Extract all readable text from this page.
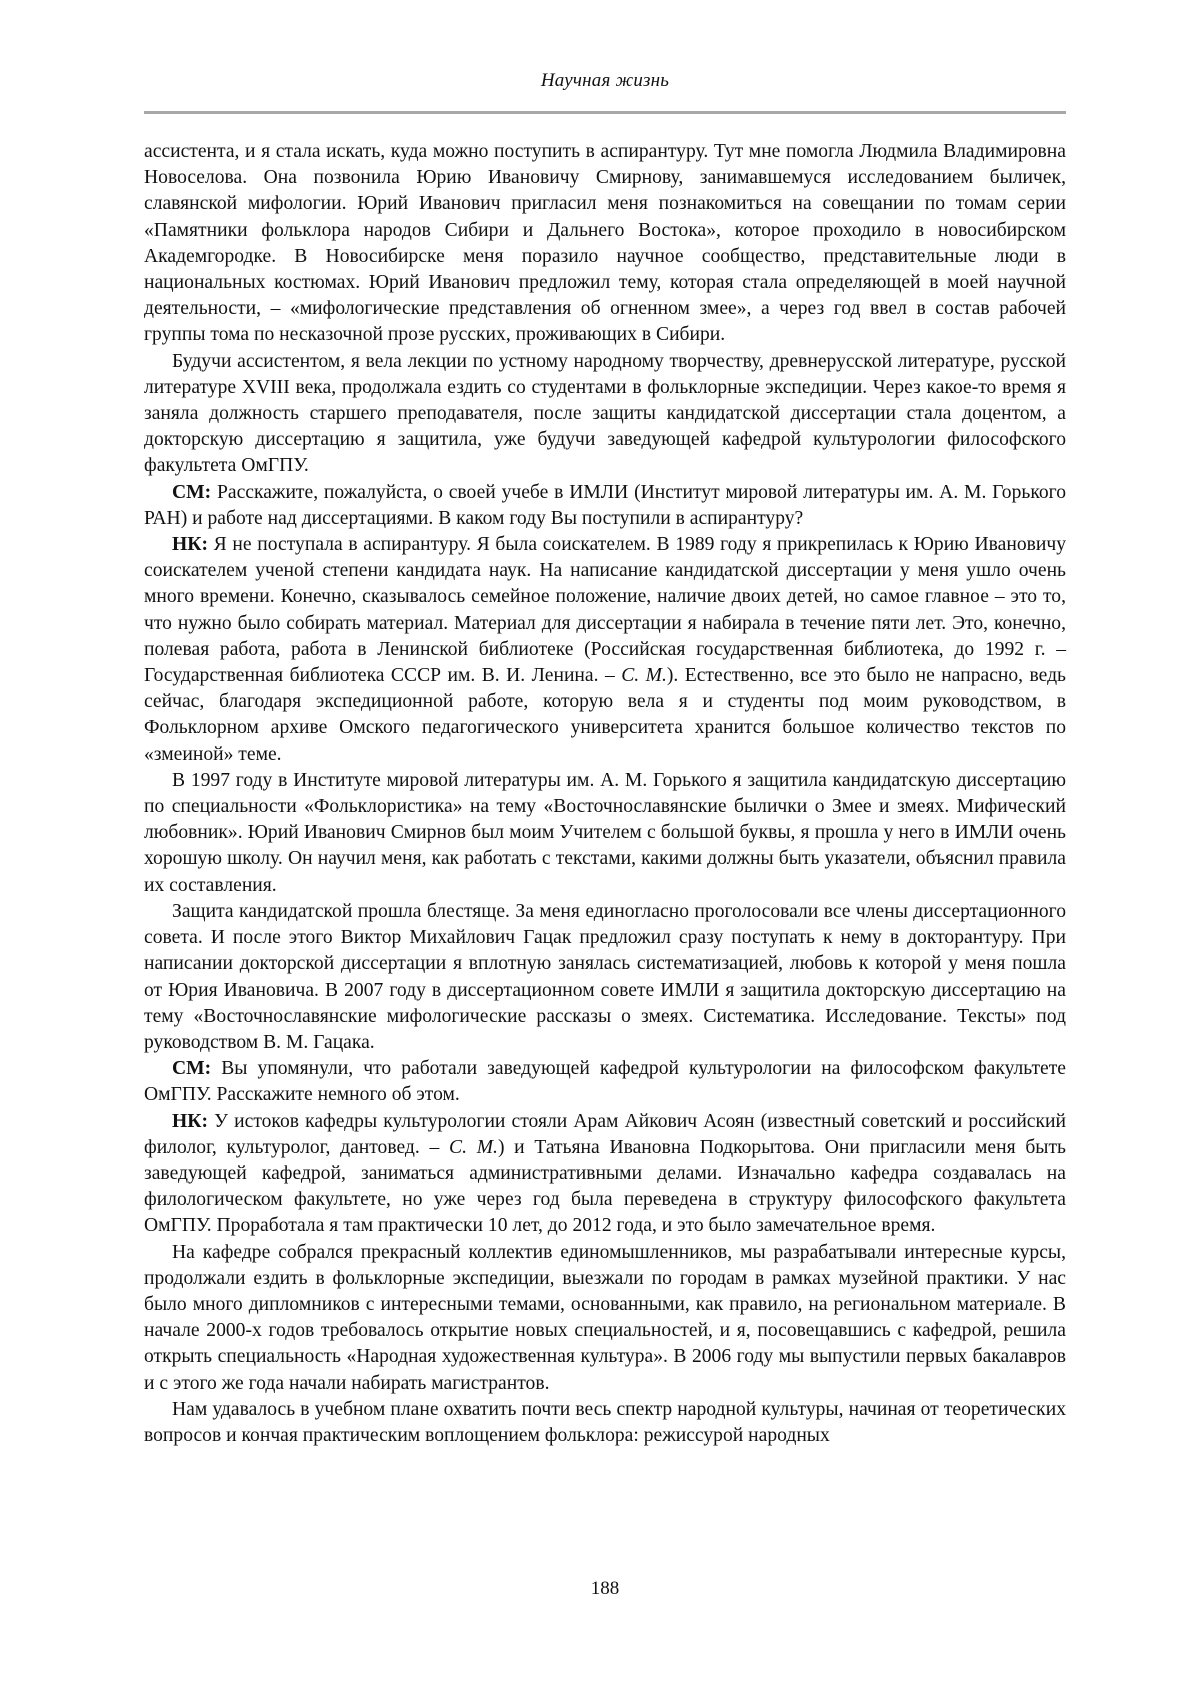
Научная жизнь

ассистента, и я стала искать, куда можно поступить в аспирантуру. Тут мне помогла Людмила Владимировна Новоселова. Она позвонила Юрию Ивановичу Смирнову, занимавшемуся исследованием быличек, славянской мифологии. Юрий Иванович пригласил меня познакомиться на совещании по томам серии «Памятники фольклора народов Сибири и Дальнего Востока», которое проходило в новосибирском Академгородке. В Новосибирске меня поразило научное сообщество, представительные люди в национальных костюмах. Юрий Иванович предложил тему, которая стала определяющей в моей научной деятельности, – «мифологические представления об огненном змее», а через год ввел в состав рабочей группы тома по несказочной прозе русских, проживающих в Сибири.

Будучи ассистентом, я вела лекции по устному народному творчеству, древнерусской литературе, русской литературе XVIII века, продолжала ездить со студентами в фольклорные экспедиции. Через какое-то время я заняла должность старшего преподавателя, после защиты кандидатской диссертации стала доцентом, а докторскую диссертацию я защитила, уже будучи заведующей кафедрой культурологии философского факультета ОмГПУ.

СМ: Расскажите, пожалуйста, о своей учебе в ИМЛИ (Институт мировой литературы им. А. М. Горького РАН) и работе над диссертациями. В каком году Вы поступили в аспирантуру?

НК: Я не поступала в аспирантуру. Я была соискателем. В 1989 году я прикрепилась к Юрию Ивановичу соискателем ученой степени кандидата наук. На написание кандидатской диссертации у меня ушло очень много времени. Конечно, сказывалось семейное положение, наличие двоих детей, но самое главное – это то, что нужно было собирать материал. Материал для диссертации я набирала в течение пяти лет. Это, конечно, полевая работа, работа в Ленинской библиотеке (Российская государственная библиотека, до 1992 г. – Государственная библиотека СССР им. В. И. Ленина. – С. М.). Естественно, все это было не напрасно, ведь сейчас, благодаря экспедиционной работе, которую вела я и студенты под моим руководством, в Фольклорном архиве Омского педагогического университета хранится большое количество текстов по «змеиной» теме.

В 1997 году в Институте мировой литературы им. А. М. Горького я защитила кандидатскую диссертацию по специальности «Фольклористика» на тему «Восточнославянские былички о Змее и змеях. Мифический любовник». Юрий Иванович Смирнов был моим Учителем с большой буквы, я прошла у него в ИМЛИ очень хорошую школу. Он научил меня, как работать с текстами, какими должны быть указатели, объяснил правила их составления.

Защита кандидатской прошла блестяще. За меня единогласно проголосовали все члены диссертационного совета. И после этого Виктор Михайлович Гацак предложил сразу поступать к нему в докторантуру. При написании докторской диссертации я вплотную занялась систематизацией, любовь к которой у меня пошла от Юрия Ивановича. В 2007 году в диссертационном совете ИМЛИ я защитила докторскую диссертацию на тему «Восточнославянские мифологические рассказы о змеях. Систематика. Исследование. Тексты» под руководством В. М. Гацака.

СМ: Вы упомянули, что работали заведующей кафедрой культурологии на философском факультете ОмГПУ. Расскажите немного об этом.

НК: У истоков кафедры культурологии стояли Арам Айкович Асоян (известный советский и российский филолог, культуролог, дантовед. – С. М.) и Татьяна Ивановна Подкорытова. Они пригласили меня быть заведующей кафедрой, заниматься административными делами. Изначально кафедра создавалась на филологическом факультете, но уже через год была переведена в структуру философского факультета ОмГПУ. Проработала я там практически 10 лет, до 2012 года, и это было замечательное время.

На кафедре собрался прекрасный коллектив единомышленников, мы разрабатывали интересные курсы, продолжали ездить в фольклорные экспедиции, выезжали по городам в рамках музейной практики. У нас было много дипломников с интересными темами, основанными, как правило, на региональном материале. В начале 2000-х годов требовалось открытие новых специальностей, и я, посовещавшись с кафедрой, решила открыть специальность «Народная художественная культура». В 2006 году мы выпустили первых бакалавров и с этого же года начали набирать магистрантов.

Нам удавалось в учебном плане охватить почти весь спектр народной культуры, начиная от теоретических вопросов и кончая практическим воплощением фольклора: режиссурой народных

188
